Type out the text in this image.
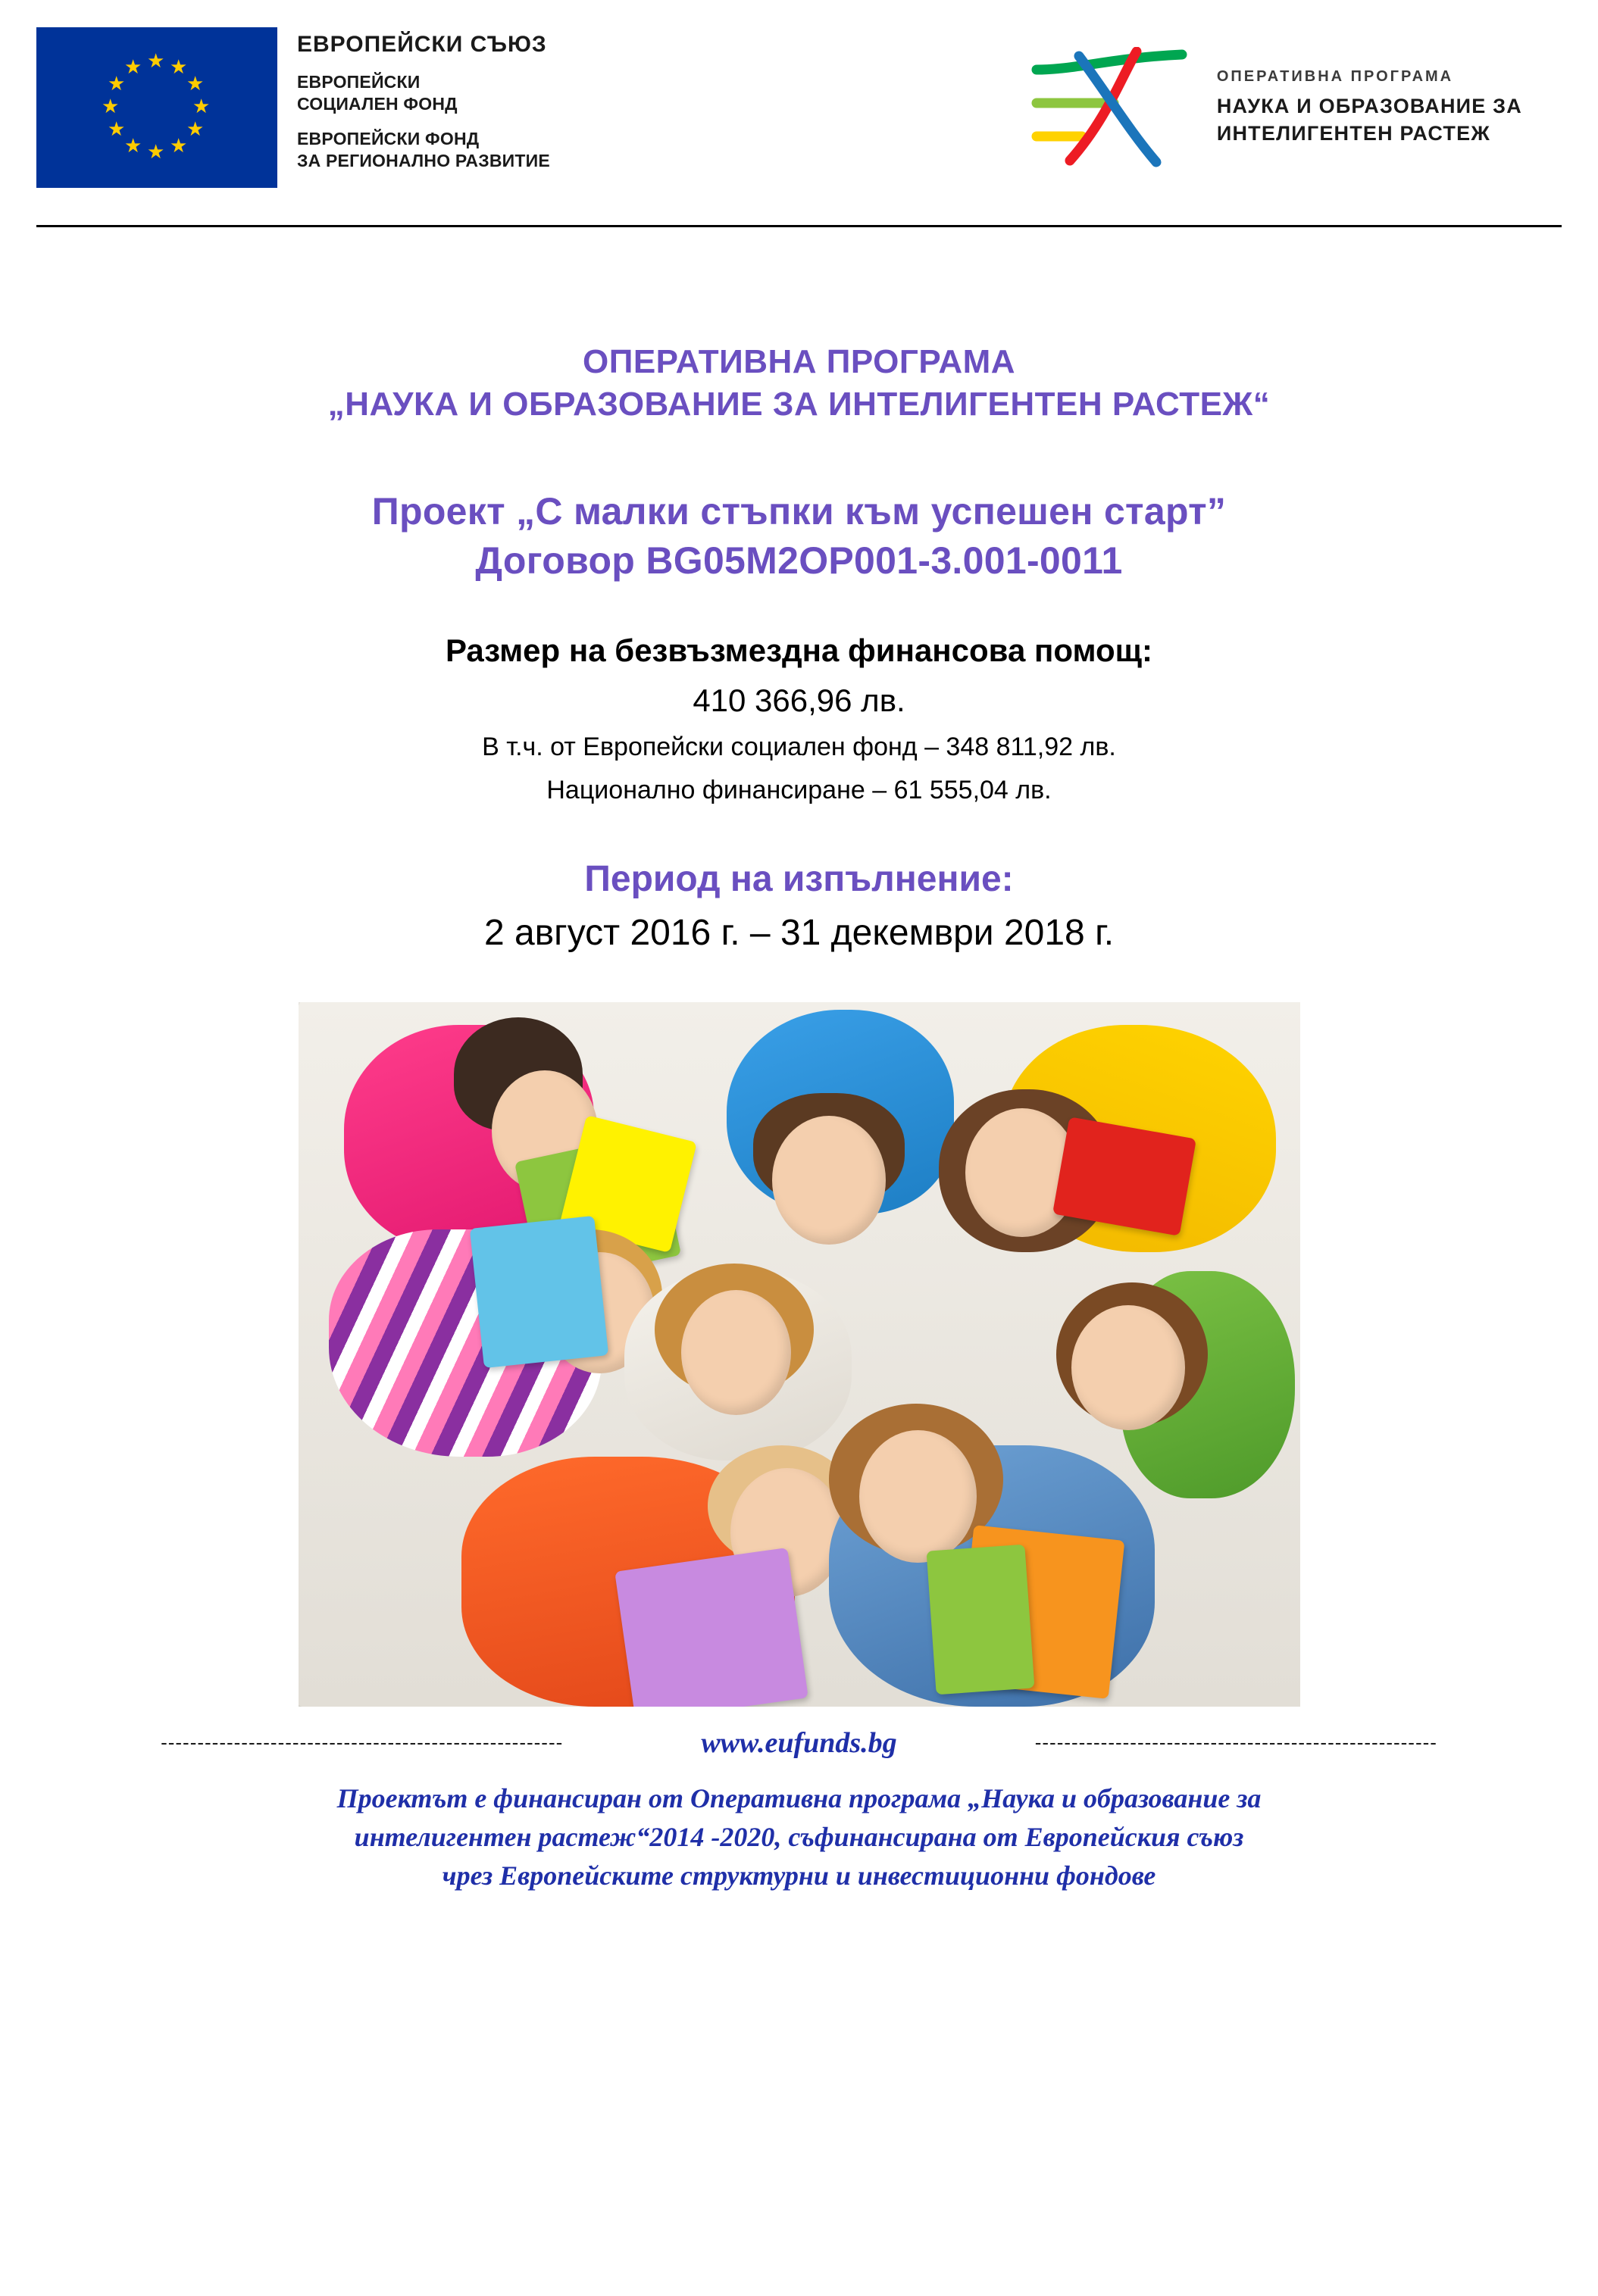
★ ★
★
★
★
★
★
★
★
★
★
★
ЕВРОПЕЙСКИ СЪЮЗ
ЕВРОПЕЙСКИ
СОЦИАЛЕН ФОНД
ЕВРОПЕЙСКИ ФОНД
ЗА РЕГИОНАЛНО РАЗВИТИЕ
ОПЕРАТИВНА ПРОГРАМА
НАУКА И ОБРАЗОВАНИЕ ЗА
ИНТЕЛИГЕНТЕН РАСТЕЖ
ОПЕРАТИВНА ПРОГРАМА
„НАУКА И ОБРАЗОВАНИЕ ЗА ИНТЕЛИГЕНТЕН РАСТЕЖ“
Проект „С малки стъпки към успешен старт”
Договор BG05M2OP001-3.001-0011
Размер на безвъзмездна финансова помощ:
410 366,96 лв.
В т.ч. от Европейски социален фонд – 348 811,92 лв.
Национално финансиране – 61 555,04 лв.
Период на изпълнение:
2 август 2016 г. – 31 декември 2018 г.
-------------------------------------------------------	www.eufunds.bg	-------------------------------------------------------
Проектът е финансиран от Оперативна програма „Наука и образование за
интелигентен растеж“2014 -2020, съфинансирана от Европейския съюз
чрез Европейските структурни и инвестиционни фондове
